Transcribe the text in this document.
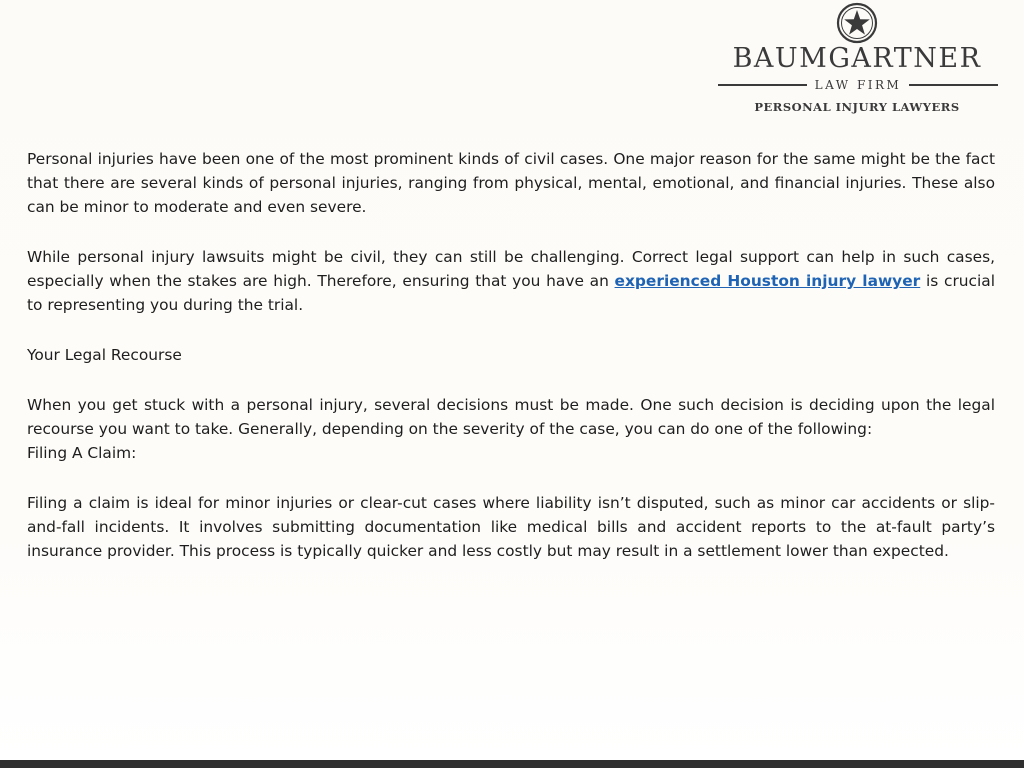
BAUMGARTNER
LAW FIRM
PERSONAL INJURY LAWYERS

Personal injuries have been one of the most prominent kinds of civil cases. One major reason for the same might be the fact that there are several kinds of personal injuries, ranging from physical, mental, emotional, and financial injuries. These also can be minor to moderate and even severe.

While personal injury lawsuits might be civil, they can still be challenging. Correct legal support can help in such cases, especially when the stakes are high. Therefore, ensuring that you have an experienced Houston injury lawyer is crucial to representing you during the trial.

Your Legal Recourse

When you get stuck with a personal injury, several decisions must be made. One such decision is deciding upon the legal recourse you want to take. Generally, depending on the severity of the case, you can do one of the following:

Filing A Claim:

Filing a claim is ideal for minor injuries or clear-cut cases where liability isn’t disputed, such as minor car accidents or slip-and-fall incidents. It involves submitting documentation like medical bills and accident reports to the at-fault party’s insurance provider. This process is typically quicker and less costly but may result in a settlement lower than expected.
